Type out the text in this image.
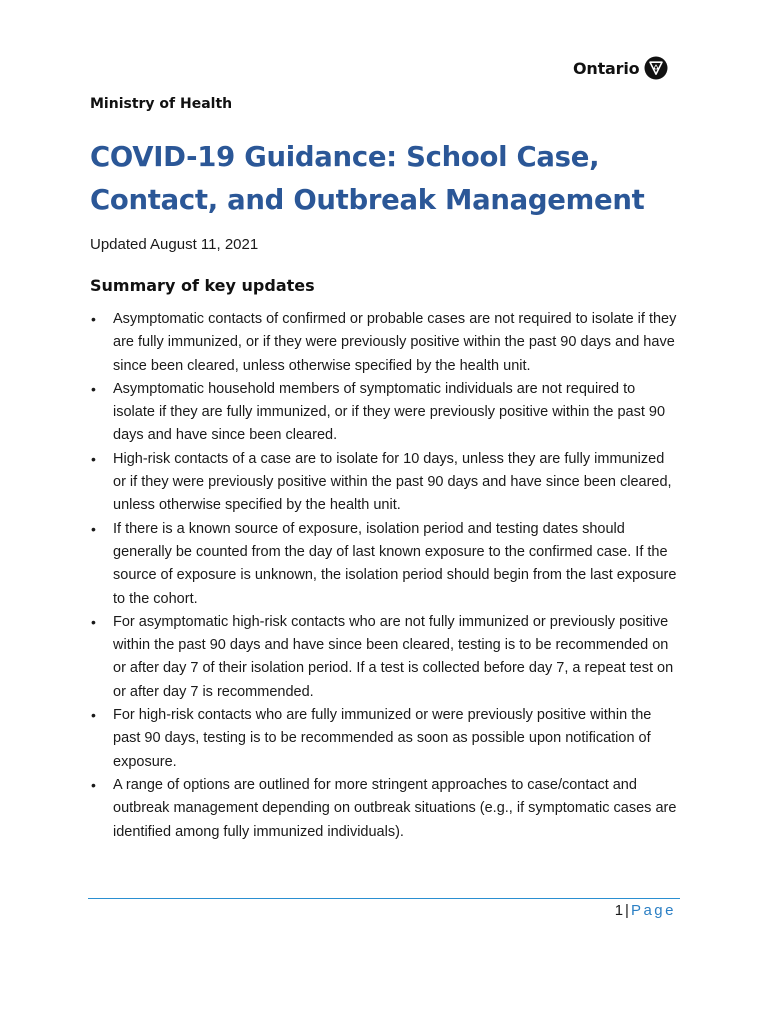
Ontario
Ministry of Health
COVID-19 Guidance: School Case, Contact, and Outbreak Management
Updated August 11, 2021
Summary of key updates
• Asymptomatic contacts of confirmed or probable cases are not required to isolate if they are fully immunized, or if they were previously positive within the past 90 days and have since been cleared, unless otherwise specified by the health unit.
• Asymptomatic household members of symptomatic individuals are not required to isolate if they are fully immunized, or if they were previously positive within the past 90 days and have since been cleared.
• High-risk contacts of a case are to isolate for 10 days, unless they are fully immunized or if they were previously positive within the past 90 days and have since been cleared, unless otherwise specified by the health unit.
• If there is a known source of exposure, isolation period and testing dates should generally be counted from the day of last known exposure to the confirmed case. If the source of exposure is unknown, the isolation period should begin from the last exposure to the cohort.
• For asymptomatic high-risk contacts who are not fully immunized or previously positive within the past 90 days and have since been cleared, testing is to be recommended on or after day 7 of their isolation period. If a test is collected before day 7, a repeat test on or after day 7 is recommended.
• For high-risk contacts who are fully immunized or were previously positive within the past 90 days, testing is to be recommended as soon as possible upon notification of exposure.
• A range of options are outlined for more stringent approaches to case/contact and outbreak management depending on outbreak situations (e.g., if symptomatic cases are identified among fully immunized individuals).
1 | Page
